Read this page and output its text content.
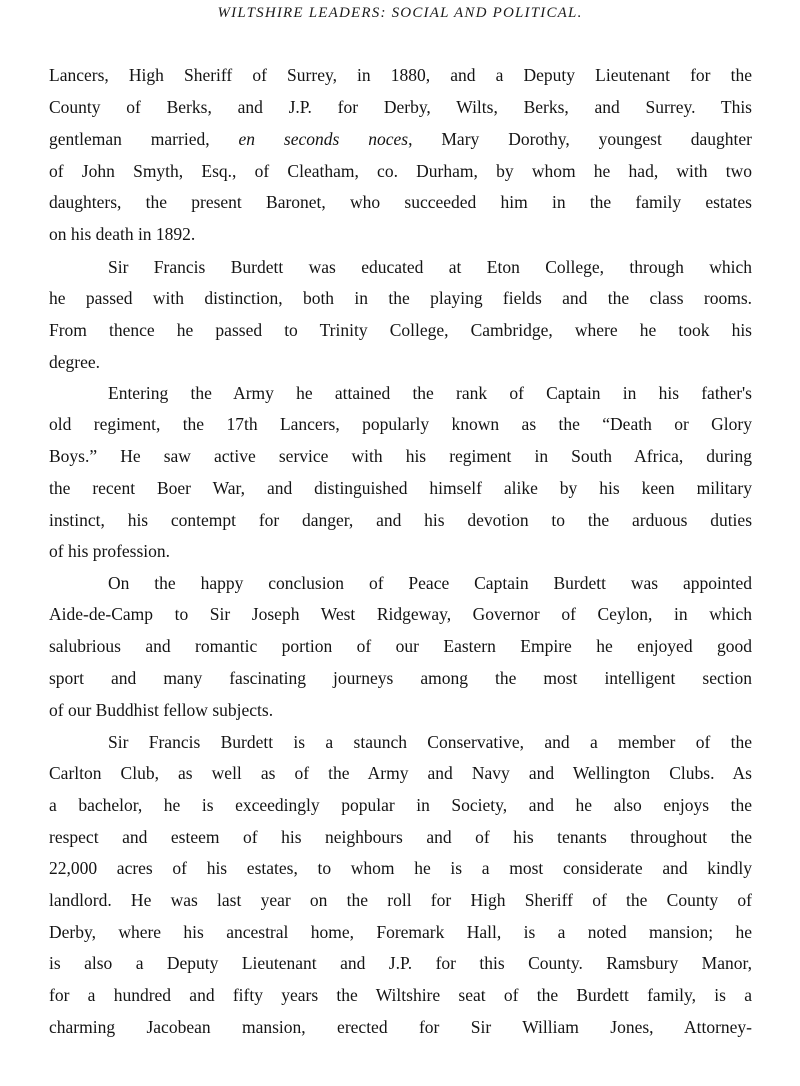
WILTSHIRE LEADERS: SOCIAL AND POLITICAL.
Lancers, High Sheriff of Surrey, in 1880, and a Deputy Lieutenant for the
County of Berks, and J.P. for Derby, Wilts, Berks, and Surrey. This
gentleman married, en seconds noces, Mary Dorothy, youngest daughter
of John Smyth, Esq., of Cleatham, co. Durham, by whom he had, with two
daughters, the present Baronet, who succeeded him in the family estates
on his death in 1892.
Sir Francis Burdett was educated at Eton College, through which
he passed with distinction, both in the playing fields and the class rooms.
From thence he passed to Trinity College, Cambridge, where he took his
degree.
Entering the Army he attained the rank of Captain in his father's
old regiment, the 17th Lancers, popularly known as the “Death or Glory
Boys.” He saw active service with his regiment in South Africa, during
the recent Boer War, and distinguished himself alike by his keen military
instinct, his contempt for danger, and his devotion to the arduous duties
of his profession.
On the happy conclusion of Peace Captain Burdett was appointed
Aide-de-Camp to Sir Joseph West Ridgeway, Governor of Ceylon, in which
salubrious and romantic portion of our Eastern Empire he enjoyed good
sport and many fascinating journeys among the most intelligent section
of our Buddhist fellow subjects.
Sir Francis Burdett is a staunch Conservative, and a member of the
Carlton Club, as well as of the Army and Navy and Wellington Clubs. As
a bachelor, he is exceedingly popular in Society, and he also enjoys the
respect and esteem of his neighbours and of his tenants throughout the
22,000 acres of his estates, to whom he is a most considerate and kindly
landlord. He was last year on the roll for High Sheriff of the County of
Derby, where his ancestral home, Foremark Hall, is a noted mansion; he
is also a Deputy Lieutenant and J.P. for this County. Ramsbury Manor,
for a hundred and fifty years the Wiltshire seat of the Burdett family, is a
charming Jacobean mansion, erected for Sir William Jones, Attorney-
